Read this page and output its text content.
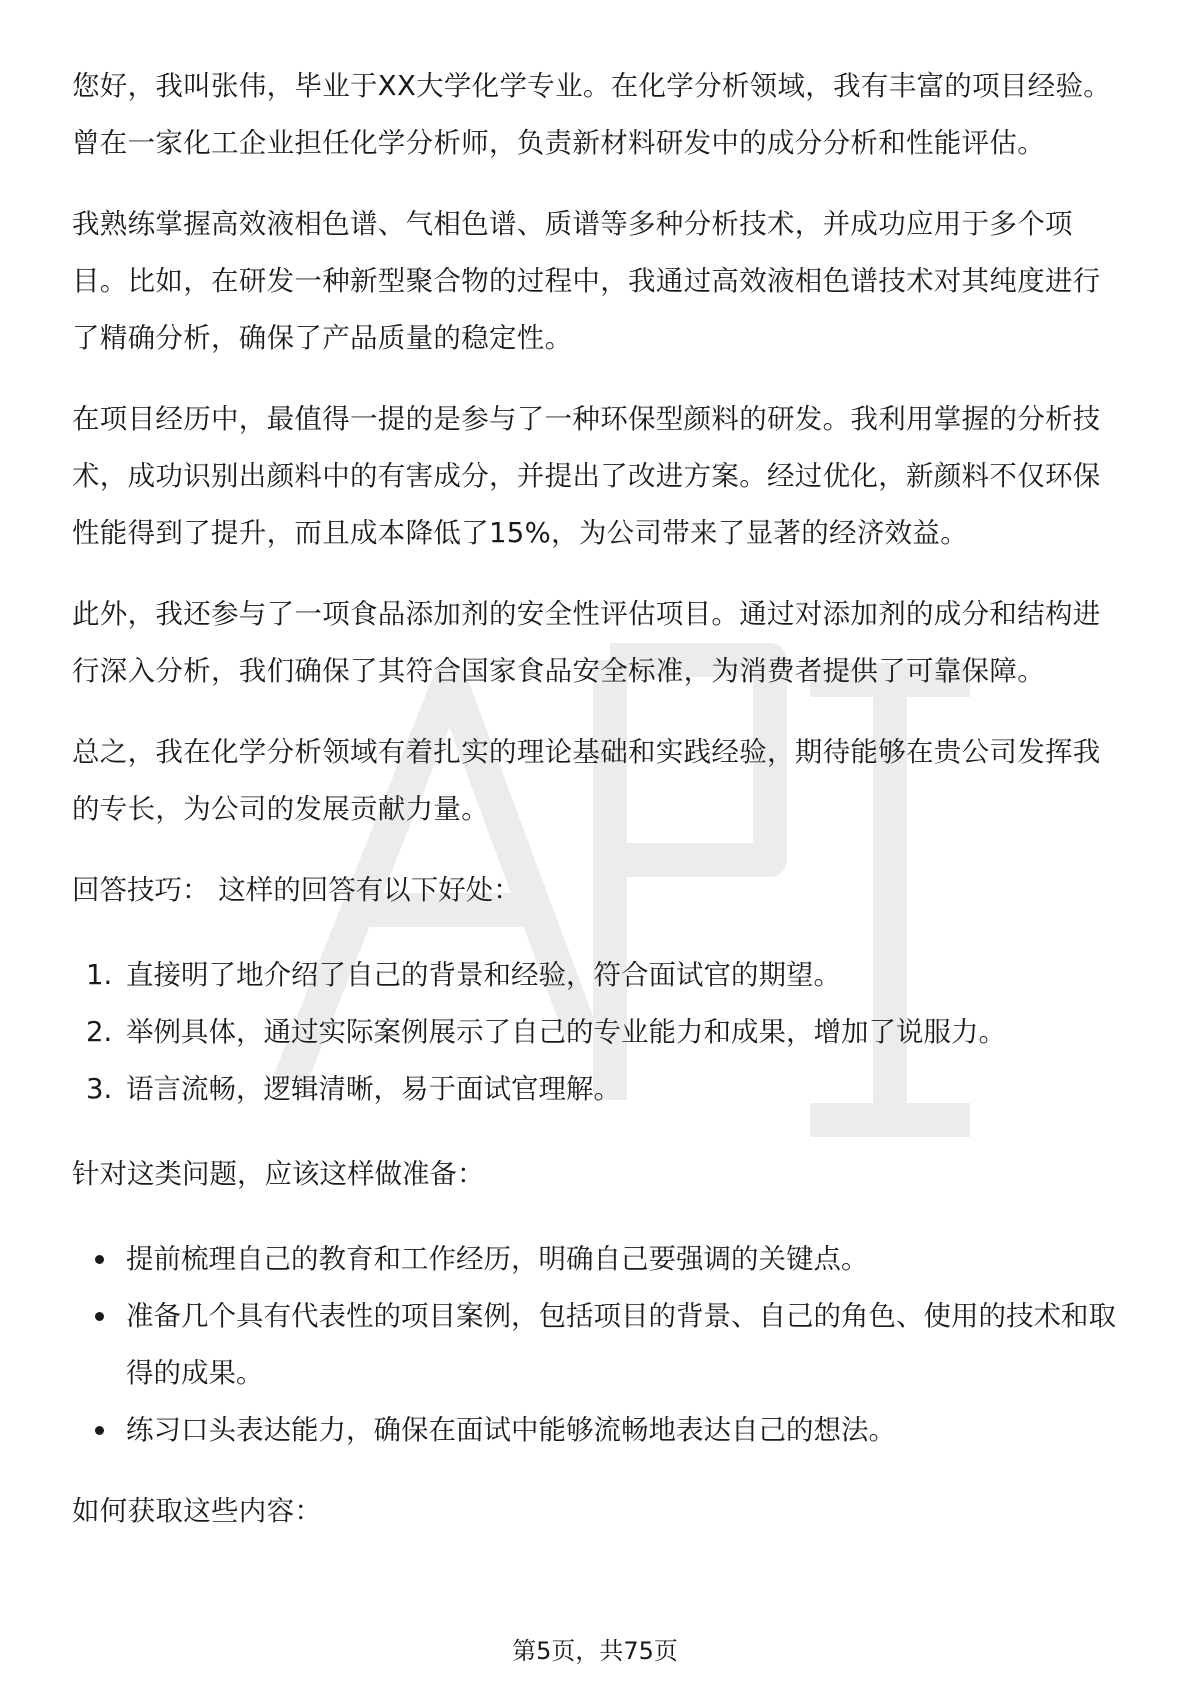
您好，我叫张伟，毕业于XX大学化学专业。在化学分析领域，我有丰富的项目经验。曾在一家化工企业担任化学分析师，负责新材料研发中的成分分析和性能评估。

我熟练掌握高效液相色谱、气相色谱、质谱等多种分析技术，并成功应用于多个项目。比如，在研发一种新型聚合物的过程中，我通过高效液相色谱技术对其纯度进行了精确分析，确保了产品质量的稳定性。

在项目经历中，最值得一提的是参与了一种环保型颜料的研发。我利用掌握的分析技术，成功识别出颜料中的有害成分，并提出了改进方案。经过优化，新颜料不仅环保性能得到了提升，而且成本降低了15%，为公司带来了显著的经济效益。

此外，我还参与了一项食品添加剂的安全性评估项目。通过对添加剂的成分和结构进行深入分析，我们确保了其符合国家食品安全标准，为消费者提供了可靠保障。

总之，我在化学分析领域有着扎实的理论基础和实践经验，期待能够在贵公司发挥我的专长，为公司的发展贡献力量。

回答技巧： 这样的回答有以下好处：

1. 直接明了地介绍了自己的背景和经验，符合面试官的期望。
2. 举例具体，通过实际案例展示了自己的专业能力和成果，增加了说服力。
3. 语言流畅，逻辑清晰，易于面试官理解。

针对这类问题，应该这样做准备：

提前梳理自己的教育和工作经历，明确自己要强调的关键点。
准备几个具有代表性的项目案例，包括项目的背景、自己的角色、使用的技术和取得的成果。
练习口头表达能力，确保在面试中能够流畅地表达自己的想法。

如何获取这些内容：

第5页，共75页
